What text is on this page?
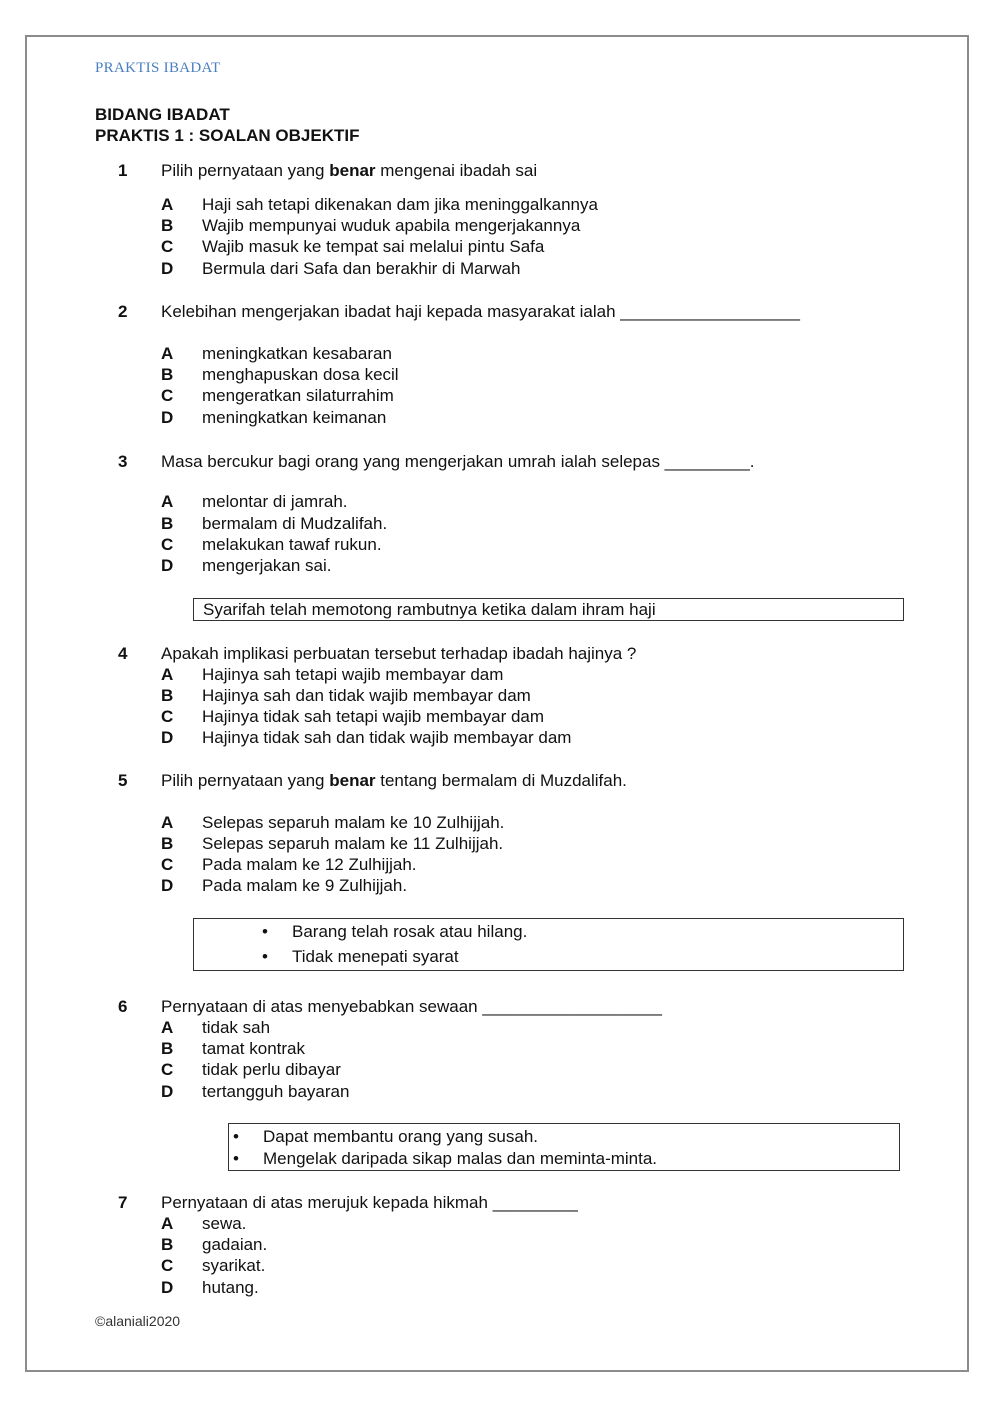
PRAKTIS IBADAT
BIDANG IBADAT
PRAKTIS 1 : SOALAN OBJEKTIF
1 Pilih pernyataan yang benar mengenai ibadah sai
A Haji sah tetapi dikenakan dam jika meninggalkannya
B Wajib mempunyai wuduk apabila mengerjakannya
C Wajib masuk ke tempat sai melalui pintu Safa
D Bermula dari Safa dan berakhir di Marwah
2 Kelebihan mengerjakan ibadat haji kepada masyarakat ialah ___________________
A meningkatkan kesabaran
B menghapuskan dosa kecil
C mengeratkan silaturrahim
D meningkatkan keimanan
3 Masa bercukur bagi orang yang mengerjakan umrah ialah selepas _________.
A melontar di jamrah.
B bermalam di Mudzalifah.
C melakukan tawaf rukun.
D mengerjakan sai.
Syarifah telah memotong rambutnya ketika dalam ihram haji
4 Apakah implikasi perbuatan tersebut terhadap ibadah hajinya ?
A Hajinya sah tetapi wajib membayar dam
B Hajinya sah dan tidak wajib membayar dam
C Hajinya tidak sah tetapi wajib membayar dam
D Hajinya tidak sah dan tidak wajib membayar dam
5 Pilih pernyataan yang benar tentang bermalam di Muzdalifah.
A Selepas separuh malam ke 10 Zulhijjah.
B Selepas separuh malam ke 11 Zulhijjah.
C Pada malam ke 12 Zulhijjah.
D Pada malam ke 9 Zulhijjah.
• Barang telah rosak atau hilang.
• Tidak menepati syarat
6 Pernyataan di atas menyebabkan sewaan ___________________
A tidak sah
B tamat kontrak
C tidak perlu dibayar
D tertangguh bayaran
• Dapat membantu orang yang susah.
• Mengelak daripada sikap malas dan meminta-minta.
7 Pernyataan di atas merujuk kepada hikmah _________
A sewa.
B gadaian.
C syarikat.
D hutang.
©alaniali2020
